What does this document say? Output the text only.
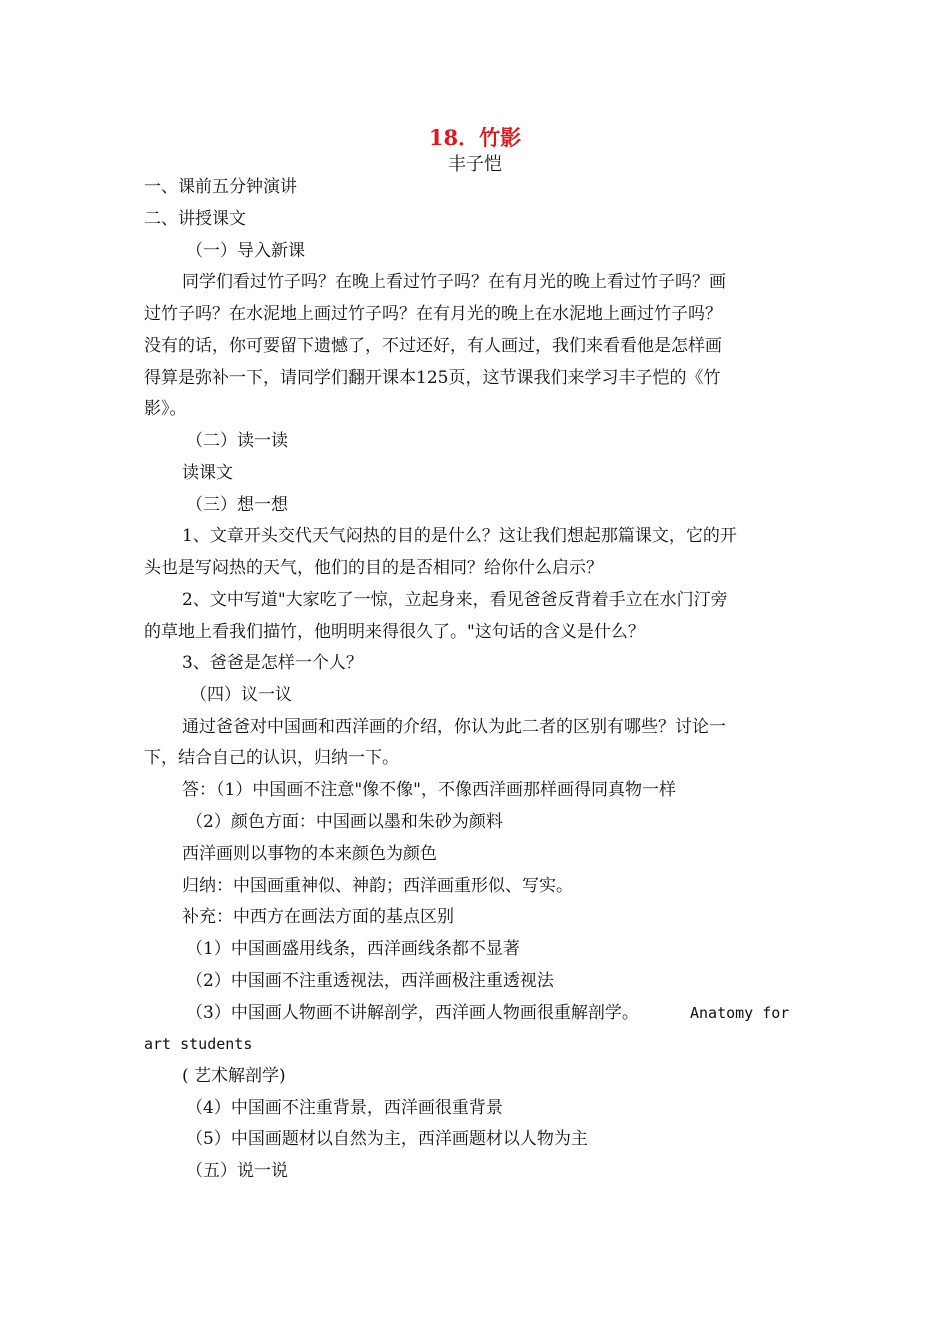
18．竹影
丰子恺
一、课前五分钟演讲
二、讲授课文
（一）导入新课
同学们看过竹子吗？在晚上看过竹子吗？在有月光的晚上看过竹子吗？画
过竹子吗？在水泥地上画过竹子吗？在有月光的晚上在水泥地上画过竹子吗？
没有的话，你可要留下遗憾了，不过还好，有人画过，我们来看看他是怎样画
得算是弥补一下，请同学们翻开课本125页，这节课我们来学习丰子恺的《竹
影》。
（二）读一读
读课文
（三）想一想
1、文章开头交代天气闷热的目的是什么？这让我们想起那篇课文，它的开
头也是写闷热的天气，他们的目的是否相同？给你什么启示？
2、文中写道"大家吃了一惊，立起身来，看见爸爸反背着手立在水门汀旁
的草地上看我们描竹，他明明来得很久了。"这句话的含义是什么？
3、爸爸是怎样一个人？
（四）议一议
通过爸爸对中国画和西洋画的介绍，你认为此二者的区别有哪些？讨论一
下，结合自己的认识，归纳一下。
答：（1）中国画不注意"像不像"，不像西洋画那样画得同真物一样
（2）颜色方面：中国画以墨和朱砂为颜料
西洋画则以事物的本来颜色为颜色
归纳：中国画重神似、神韵；西洋画重形似、写实。
补充：中西方在画法方面的基点区别
（1）中国画盛用线条，西洋画线条都不显著
（2）中国画不注重透视法，西洋画极注重透视法
（3）中国画人物画不讲解剖学，西洋画人物画很重解剖学。	Anatomy for
art students
( 艺术解剖学)
（4）中国画不注重背景，西洋画很重背景
（5）中国画题材以自然为主，西洋画题材以人物为主
（五）说一说
